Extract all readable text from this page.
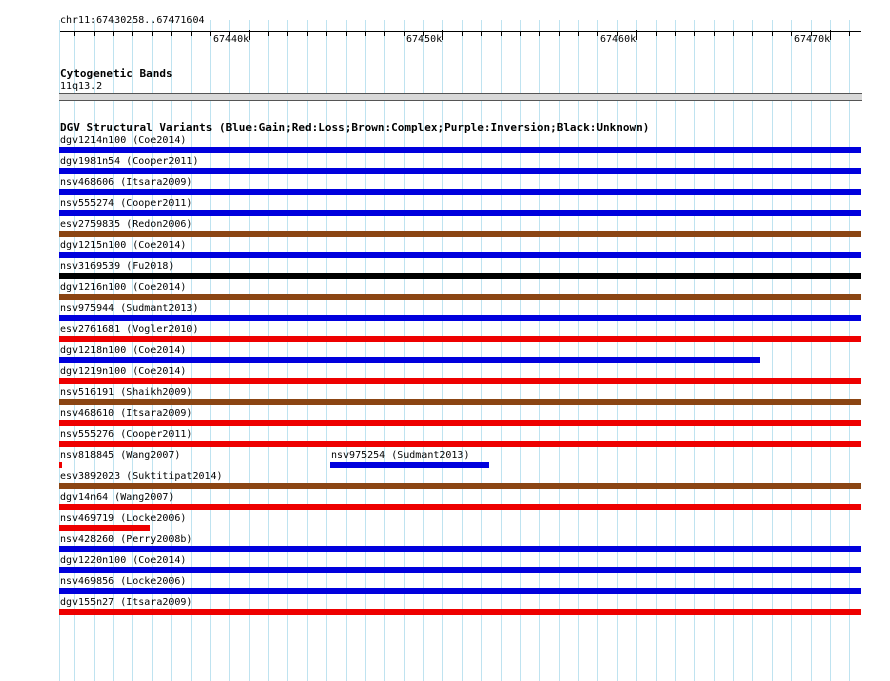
chr11:67430258..67471604
67440k	67450k	67460k	67470k
Cytogenetic Bands
11q13.2
DGV Structural Variants (Blue:Gain;Red:Loss;Brown:Complex;Purple:Inversion;Black:Unknown)
dgv1214n100 (Coe2014)
dgv1981n54 (Cooper2011)
nsv468606 (Itsara2009)
nsv555274 (Cooper2011)
esv2759835 (Redon2006)
dgv1215n100 (Coe2014)
nsv3169539 (Fu2018)
dgv1216n100 (Coe2014)
nsv975944 (Sudmant2013)
esv2761681 (Vogler2010)
dgv1218n100 (Coe2014)
dgv1219n100 (Coe2014)
nsv516191 (Shaikh2009)
nsv468610 (Itsara2009)
nsv555276 (Cooper2011)
nsv818845 (Wang2007)	nsv975254 (Sudmant2013)
esv3892023 (Suktitipat2014)
dgv14n64 (Wang2007)
nsv469719 (Locke2006)
nsv428260 (Perry2008b)
dgv1220n100 (Coe2014)
nsv469856 (Locke2006)
dgv155n27 (Itsara2009)
